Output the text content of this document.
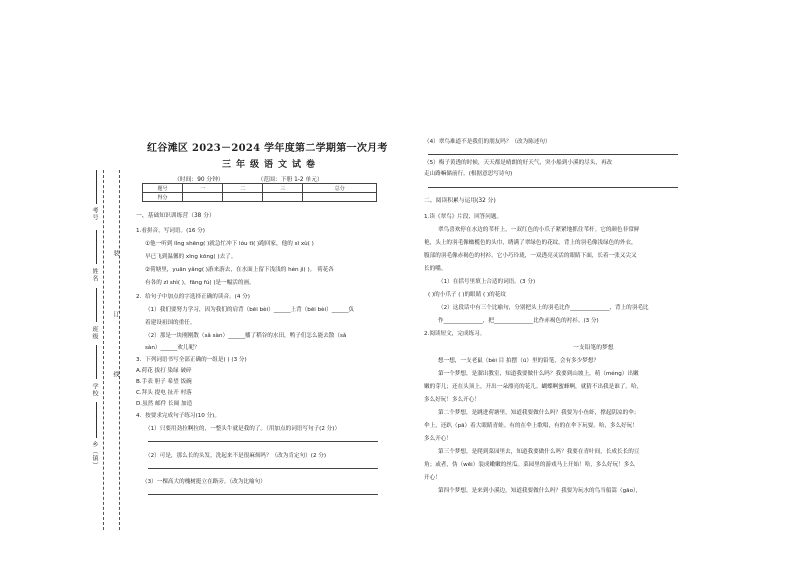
考号
姓名
班级
学校
乡（镇）
装
订
线
红谷滩区 2023－2024 学年度第二学期第一次月考
三年级语文试卷
（时间：90 分钟）	（范围：下册 1-2 单元）
题号	一	二	三	总分
得分				
一、基础知识训练营（38 分）
1.看拼音，写词语。(16 分)
①他一听到 lǐng shēng( )就急忙冲下 lóu tī( )跑回家，他的 sī xù( )
早已飞到温馨的 xīng kōng( )去了。
②荷塘里，yuān yǎng( )游来游去，在水面上留下浅浅的 hén jì( )。 荷花各
有各的 zī shì( )，fāng fú( )是一幅活的画。
2．给句子中加点的字选择正确的读音。(4 分)
（1）我们要努力学习，因为我们的肩背（bēi bèi）______上背（bēi bèi）______负
着建设祖国的重任。
（2）那是一块刚刚散（sǎ sàn）______播了稻谷的水田，鸭子们怎么能去散（sǎ
sàn）______欢儿呢？
3．下列词语书写全部正确的一组是( ) (3 分)
A.荷花 拔打 染绿 破碎
B.手表 胆子 希望 饭碗
C.拜头 提电 扯开 村落
D.虽然 邮件 长阔 加造
4．按要求完成句子练习(10 分)。
（1）只要用劲拉啊拉的，一整头牛就是我的了。（用加点的词语写句子(2 分)）
（2）可是，那么长的头发，洗起来不是很麻烦吗？（改为肯定句）(2 分)
（3）一棵高大的槐树挺立在路旁。（改为比喻句）
（4）翠鸟难道不是我们的朋友吗？（改为陈述句）
（5）梅子黄透的时候，天天都是晴朗的好天气，突小船到小溪的尽头，再改
走山路嘛储前行。(根据意思写诗句)
二、阅读积累与运用(32 分)
1.读《翠鸟》片段，回答问题。
翠鸟喜欢停在水边的苇杆上，一双红色的小爪子紧紧地抓住苇杆。它的颜色非常鲜
艳，头上的羽毛像橄榄色的头巾，绣满了翠绿色的花纹。背上的羽毛像浅绿色的外衣，
腹部的羽毛像赤褐色的衬衫。它小巧玲珑，一双透亮灵活的眼睛下面，长着一张又尖又
长的嘴。
（1）在括号里填上合适的词语。(3 分)
( )的小爪子 ( )的眼睛 ( )的花纹
（2）这段话中有三个比喻句，分别把头上的羽毛比作______________，背上的羽毛比
作______________，把______________比作赤褐色的衬衫。(3 分)
2.阅读短文，完成练习。
一支铅笔的梦想
想一想，一支老鼠（bèi 目 拍摆（ū）里的铅笔，会有多少梦想？
第一个梦想，是溜出教室，知道我要做什么吗？我要到山坡上，萌（méng）出嫩
嫩的芽儿；还在头顶上，开出一朵漂亮的花儿。蝴蝶啊蜜蜂啊，就猜不出我是谁了。哈，
多么好玩！多么开心！
第二个梦想，是跳进荷塘里，知道我要做什么吗？我要为小鱼虾，撑起阴凉的伞；
伞上，还趴（pā）着大眼睛青蛙。有的在伞上歌唱，有的在伞下玩耍。哈，多么好玩！
多么开心！
第三个梦想，是爬到菜园里去，知道我要做什么吗？我要在青叶间，长成长长的豆
角；或者，伪（wěi）装成嫩嫩的丝瓜。菜园里的游戏马上开始！哈，多么好玩！多么
开心！
第四个梦想，是来到小溪边，知道我要做什么吗？我要为玩水的鸟当船篙（gāo），
